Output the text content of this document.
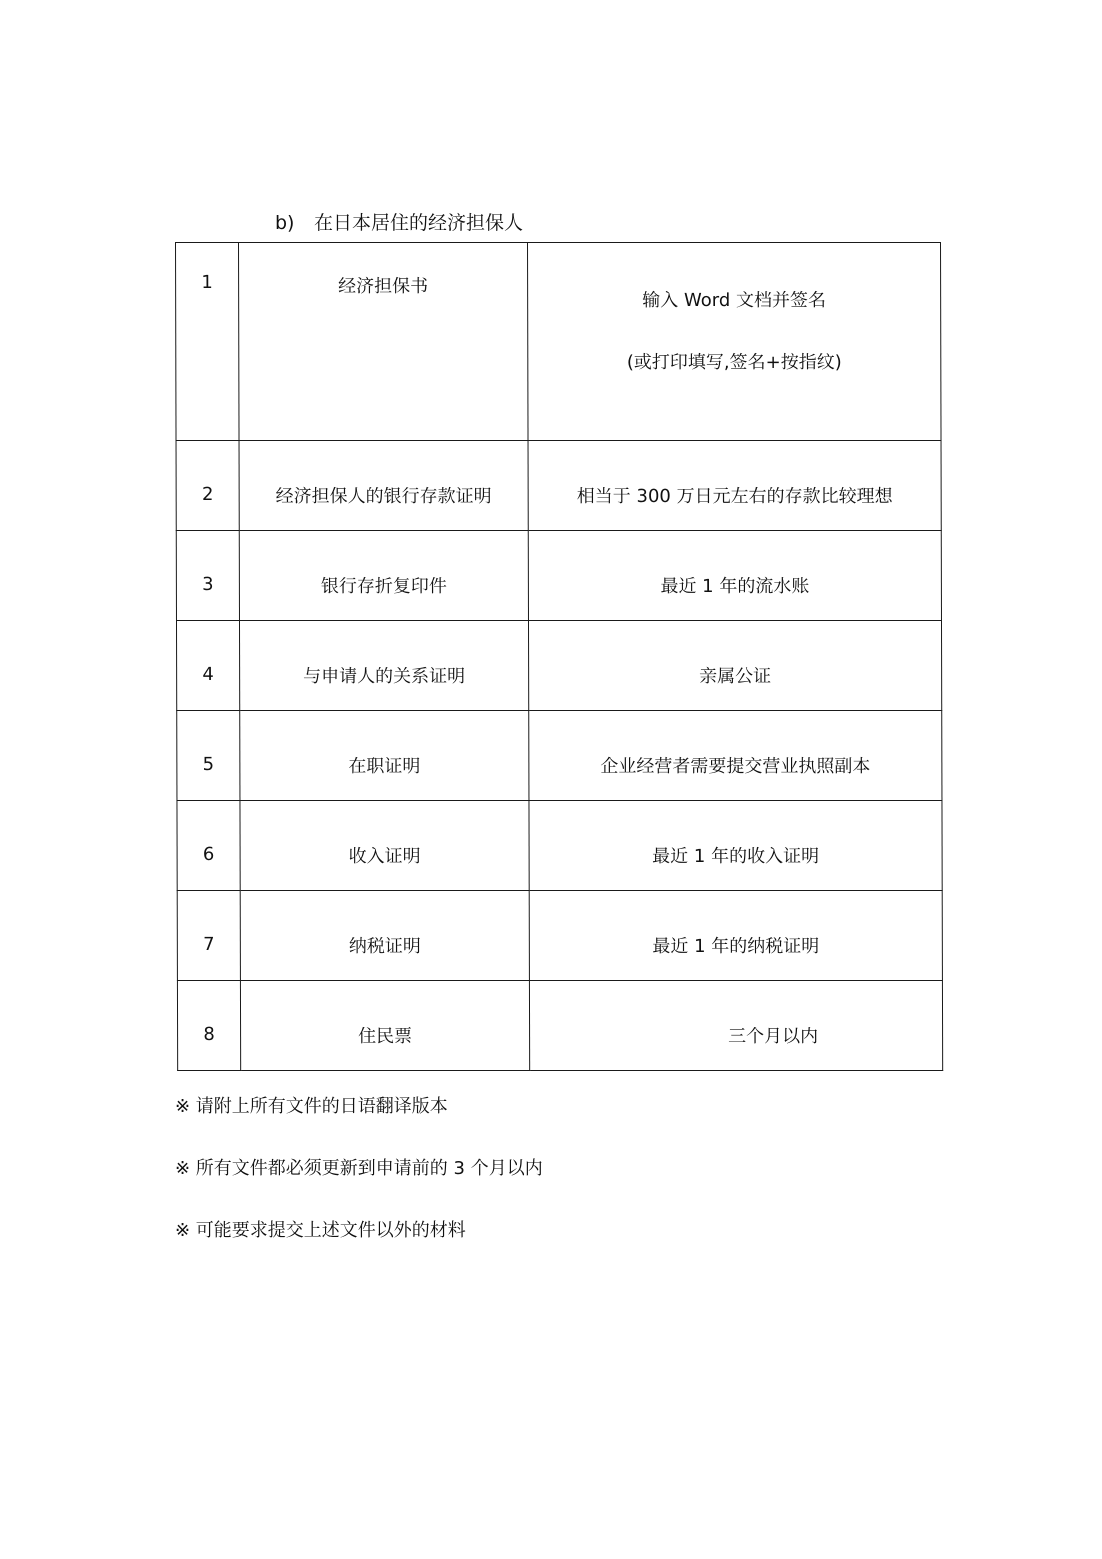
b) 在日本居住的经济担保人
1	经济担保书	输入 Word 文档并签名
(或打印填写,签名+按指纹)

2	经济担保人的银行存款证明	相当于 300 万日元左右的存款比较理想
3	银行存折复印件	最近 1 年的流水账
4	与申请人的关系证明	亲属公证
5	在职证明	企业经营者需要提交营业执照副本
6	收入证明	最近 1 年的收入证明
7	纳税证明	最近 1 年的纳税证明
8	住民票	三个月以内

※ 请附上所有文件的日语翻译版本

※ 所有文件都必须更新到申请前的 3 个月以内

※ 可能要求提交上述文件以外的材料
